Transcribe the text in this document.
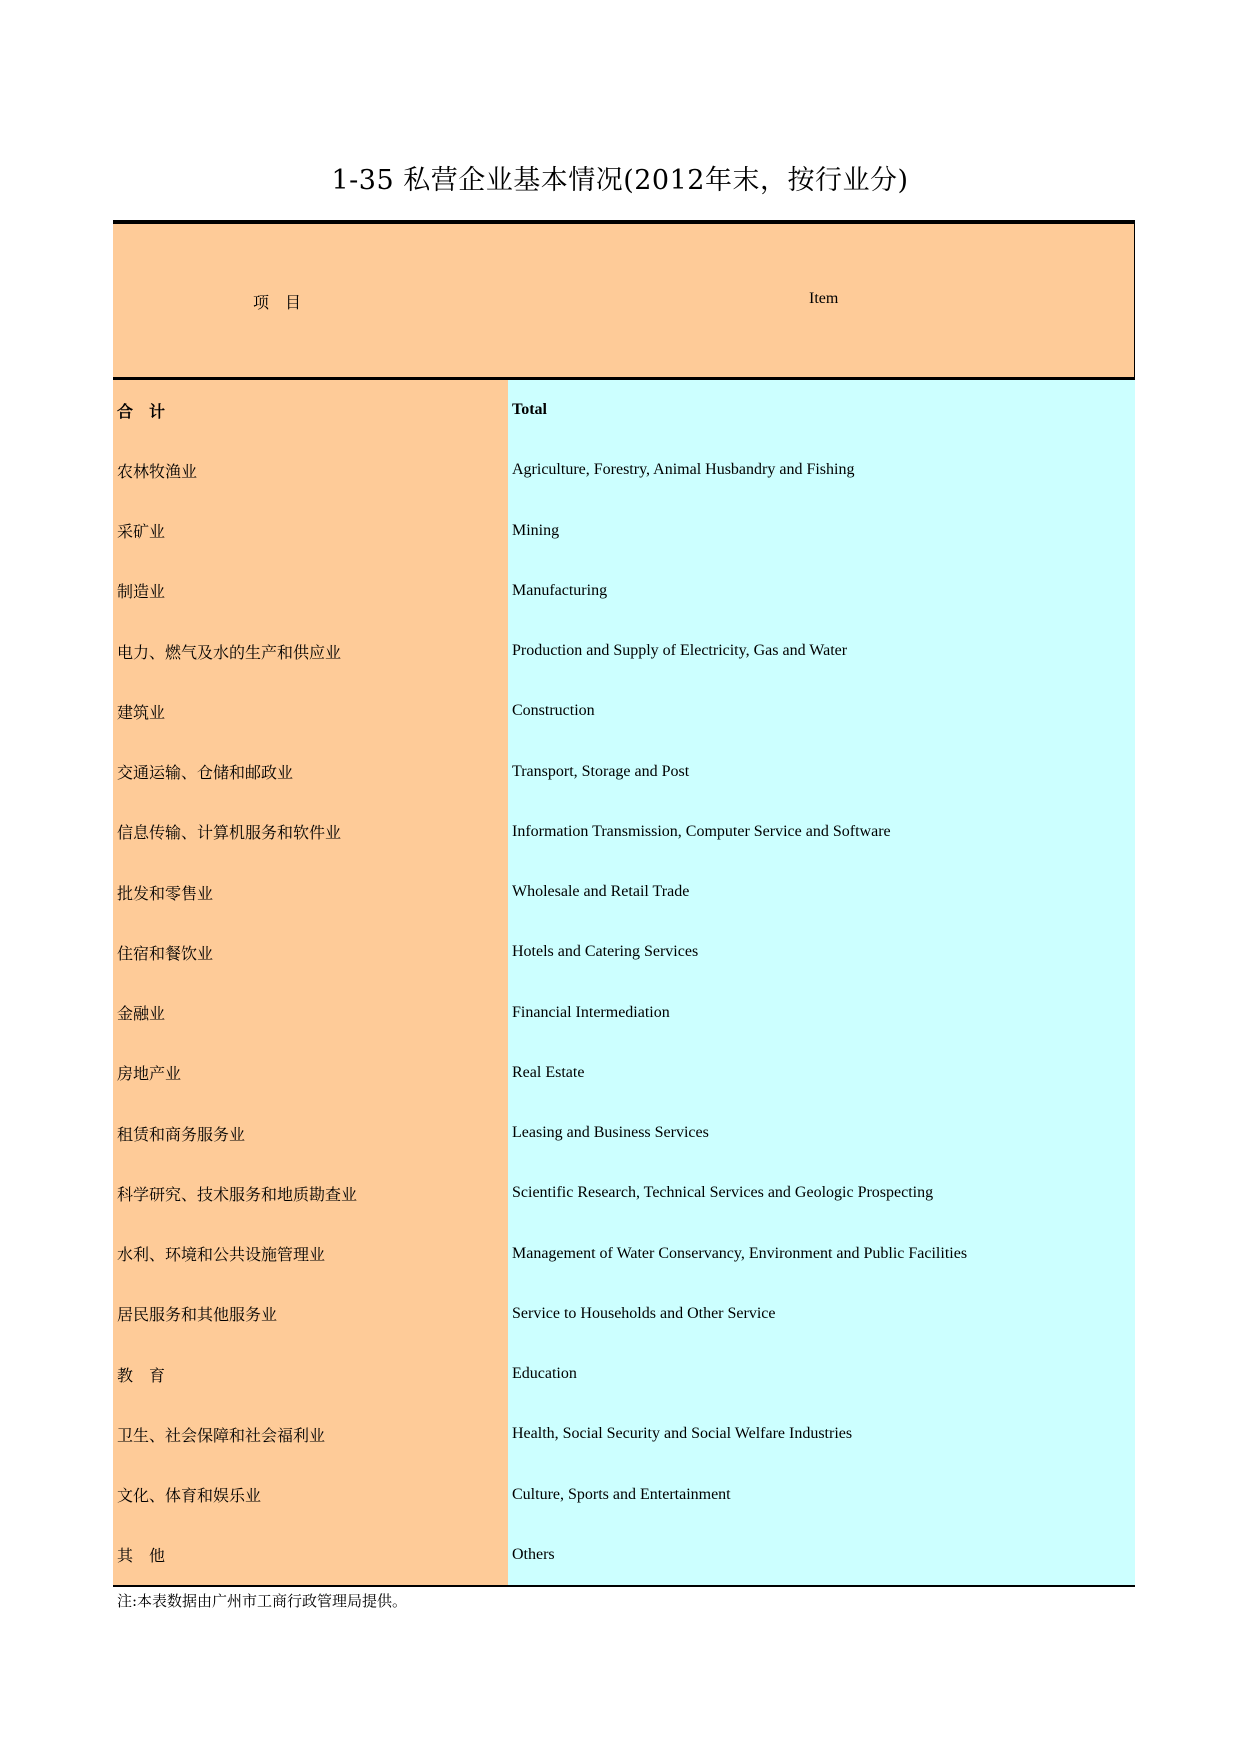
1-35 私营企业基本情况(2012年末，按行业分)
项　目	Item
合　计	Total
农林牧渔业	Agriculture, Forestry, Animal Husbandry and Fishing
采矿业	Mining
制造业	Manufacturing
电力、燃气及水的生产和供应业	Production and Supply of Electricity, Gas and Water
建筑业	Construction
交通运输、仓储和邮政业	Transport, Storage and Post
信息传输、计算机服务和软件业	Information Transmission, Computer Service and Software
批发和零售业	Wholesale and Retail Trade
住宿和餐饮业	Hotels and Catering Services
金融业	Financial Intermediation
房地产业	Real Estate
租赁和商务服务业	Leasing and Business Services
科学研究、技术服务和地质勘查业	Scientific Research, Technical Services and Geologic Prospecting
水利、环境和公共设施管理业	Management of Water Conservancy, Environment and Public Facilities
居民服务和其他服务业	Service to Households and Other Service
教　育	Education
卫生、社会保障和社会福利业	Health, Social Security and Social Welfare Industries
文化、体育和娱乐业	Culture, Sports and Entertainment
其　他	Others
注:本表数据由广州市工商行政管理局提供。
